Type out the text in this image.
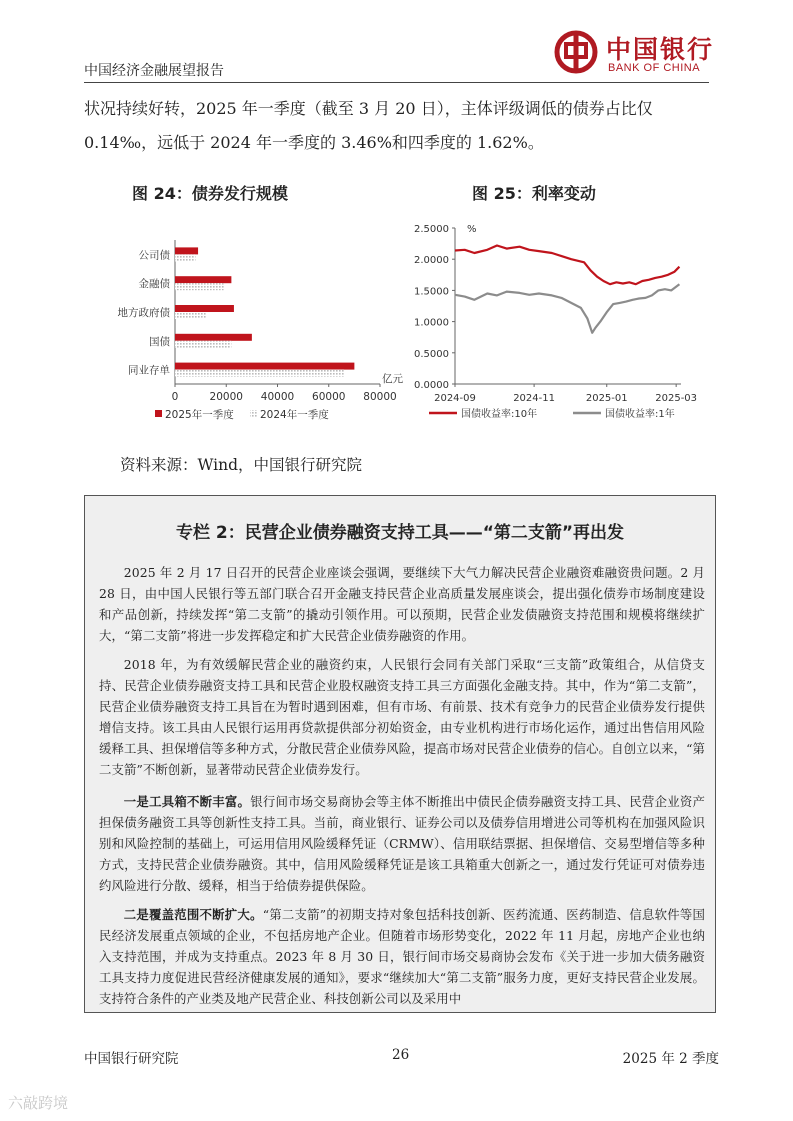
中国经济金融展望报告
中国银行
BANK OF CHINA

状况持续好转，2025 年一季度（截至 3 月 20 日），主体评级调低的债券占比仅

0.14‰，远低于 2024 年一季度的 3.46%和四季度的 1.62%。

图 24：债券发行规模	图 25：利率变动
公司债
金融债
地方政府债
国债
同业存单
0	20000 40000 60000 80000
亿元
2025年一季度	2024年一季度
%
0.0000
0.5000
1.0000
1.5000
2.0000
2.5000
2024-09	2024-11	2025-01	2025-03
国债收益率:10年	国债收益率:1年
资料来源：Wind，中国银行研究院
专栏 2：民营企业债券融资支持工具——“第二支箭”再出发

2025 年 2 月 17 日召开的民营企业座谈会强调，要继续下大气力解决民营企业融资难融资贵问题。2 月 28 日，由中国人民银行等五部门联合召开金融支持民营企业高质量发展座谈会，提出强化债券市场制度建设和产品创新，持续发挥“第二支箭”的撬动引领作用。可以预期，民营企业发债融资支持范围和规模将继续扩大，“第二支箭”将进一步发挥稳定和扩大民营企业债券融资的作用。

2018 年，为有效缓解民营企业的融资约束，人民银行会同有关部门采取“三支箭”政策组合，从信贷支持、民营企业债券融资支持工具和民营企业股权融资支持工具三方面强化金融支持。其中，作为“第二支箭”，民营企业债券融资支持工具旨在为暂时遇到困难，但有市场、有前景、技术有竞争力的民营企业债券发行提供增信支持。该工具由人民银行运用再贷款提供部分初始资金，由专业机构进行市场化运作，通过出售信用风险缓释工具、担保增信等多种方式，分散民营企业债券风险，提高市场对民营企业债券的信心。自创立以来，“第二支箭”不断创新，显著带动民营企业债券发行。

一是工具箱不断丰富。银行间市场交易商协会等主体不断推出中债民企债券融资支持工具、民营企业资产担保债务融资工具等创新性支持工具。当前，商业银行、证券公司以及债券信用增进公司等机构在加强风险识别和风险控制的基础上，可运用信用风险缓释凭证（CRMW）、信用联结票据、担保增信、交易型增信等多种方式，支持民营企业债券融资。其中，信用风险缓释凭证是该工具箱重大创新之一，通过发行凭证可对债券违约风险进行分散、缓释，相当于给债券提供保险。

二是覆盖范围不断扩大。“第二支箭”的初期支持对象包括科技创新、医药流通、医药制造、信息软件等国民经济发展重点领域的企业，不包括房地产企业。但随着市场形势变化，2022 年 11 月起，房地产企业也纳入支持范围，并成为支持重点。2023 年 8 月 30 日，银行间市场交易商协会发布《关于进一步加大债务融资工具支持力度促进民营经济健康发展的通知》，要求“继续加大“第二支箭”服务力度，更好支持民营企业发展。支持符合条件的产业类及地产民营企业、科技创新公司以及采用中

中国银行研究院	26	2025 年 2 季度
六敲跨境
